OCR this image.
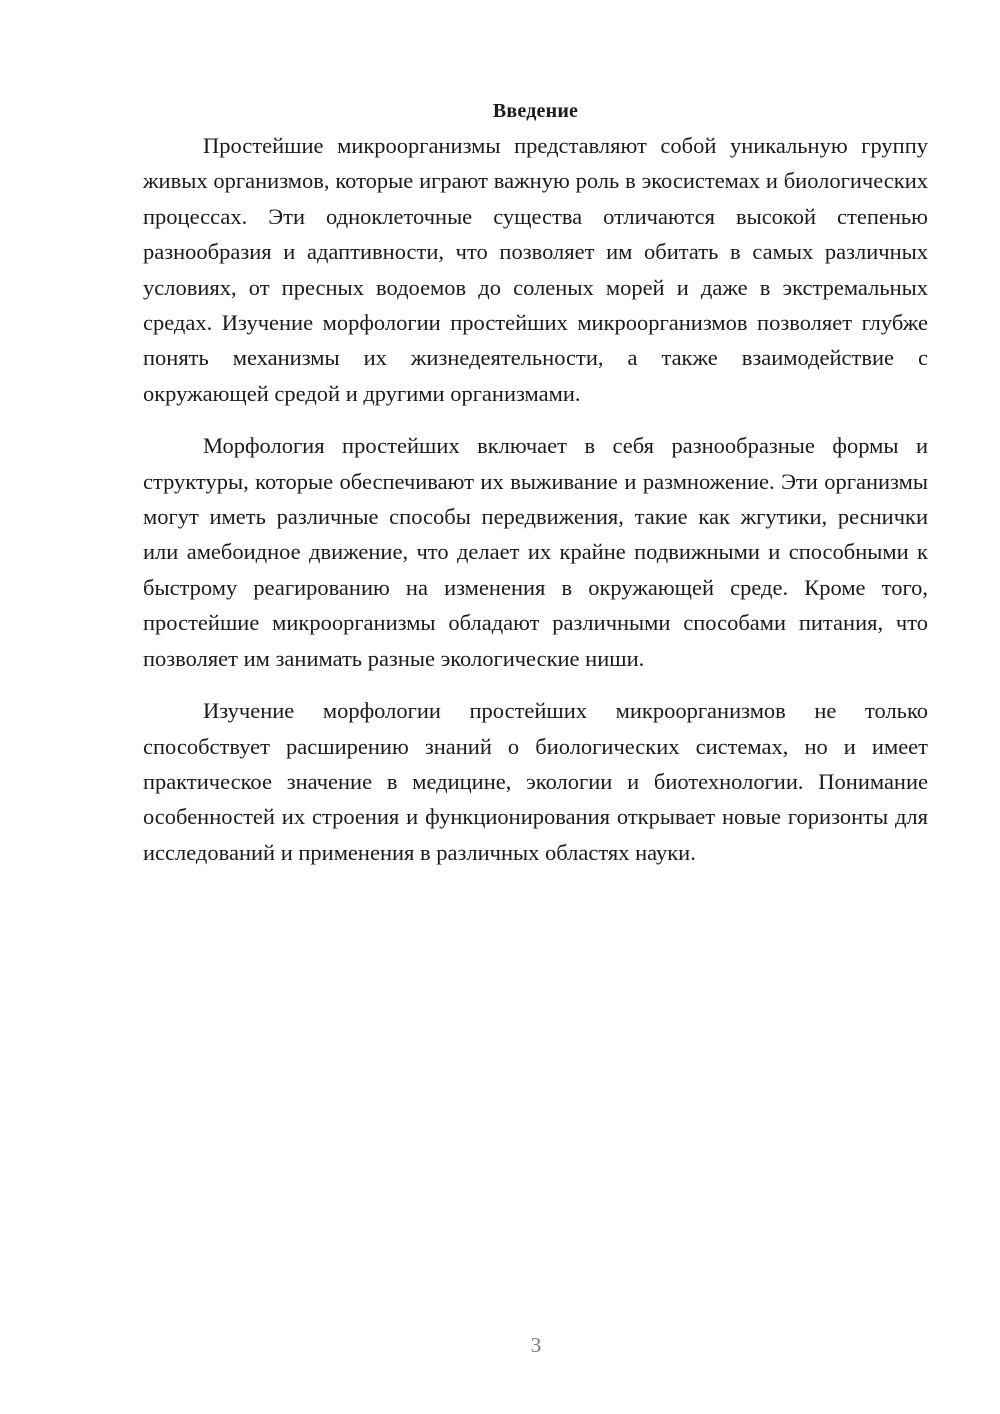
Введение

Простейшие микроорганизмы представляют собой уникальную группу живых организмов, которые играют важную роль в экосистемах и биологических процессах. Эти одноклеточные существа отличаются высокой степенью разнообразия и адаптивности, что позволяет им обитать в самых различных условиях, от пресных водоемов до соленых морей и даже в экстремальных средах. Изучение морфологии простейших микроорганизмов позволяет глубже понять механизмы их жизнедеятельности, а также взаимодействие с окружающей средой и другими организмами.

Морфология простейших включает в себя разнообразные формы и структуры, которые обеспечивают их выживание и размножение. Эти организмы могут иметь различные способы передвижения, такие как жгутики, реснички или амебоидное движение, что делает их крайне подвижными и способными к быстрому реагированию на изменения в окружающей среде. Кроме того, простейшие микроорганизмы обладают различными способами питания, что позволяет им занимать разные экологические ниши.

Изучение морфологии простейших микроорганизмов не только способствует расширению знаний о биологических системах, но и имеет практическое значение в медицине, экологии и биотехнологии. Понимание особенностей их строения и функционирования открывает новые горизонты для исследований и применения в различных областях науки.

3
